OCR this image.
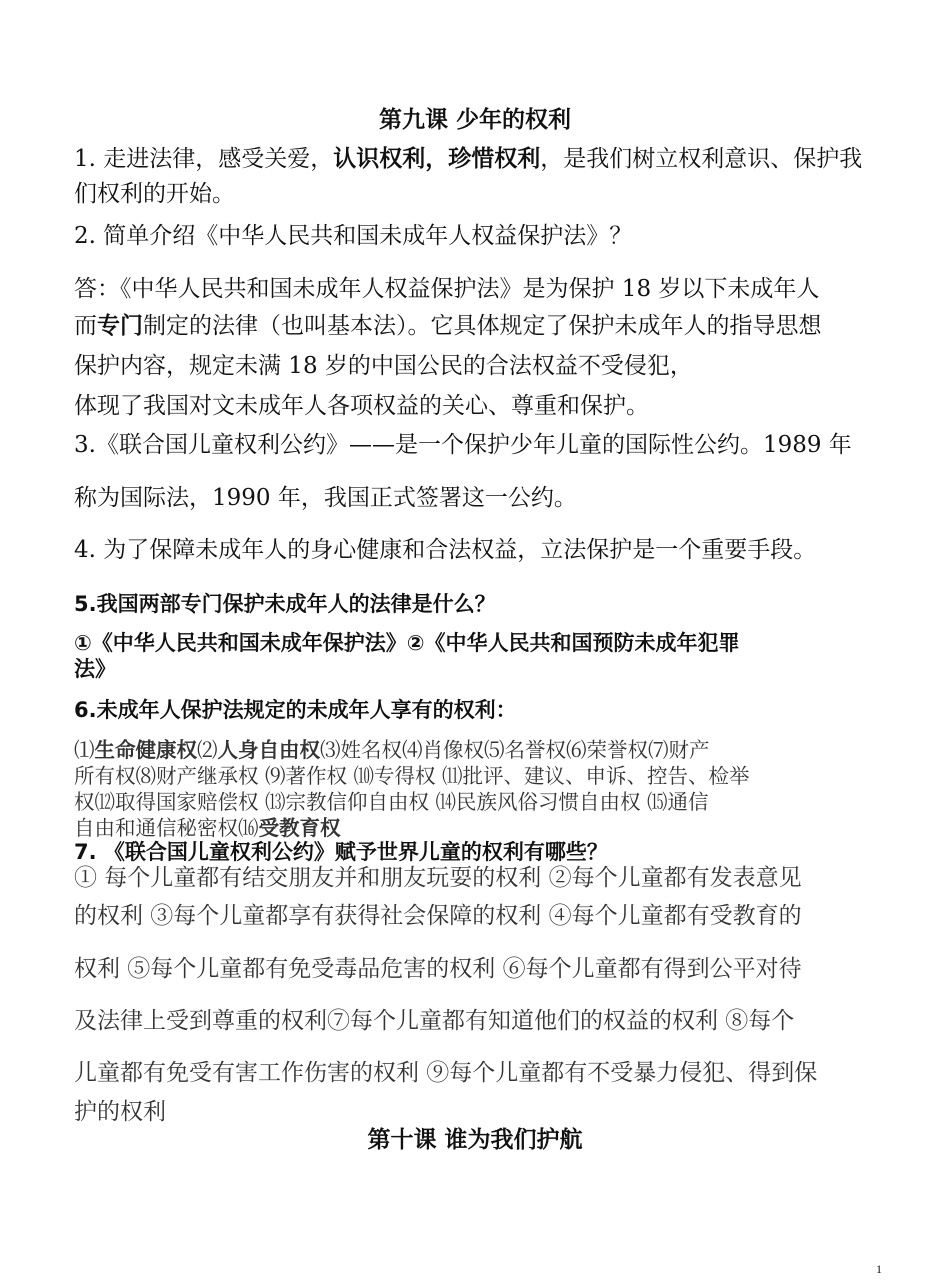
第九课 少年的权利
1. 走进法律，感受关爱，认识权利，珍惜权利，是我们树立权利意识、保护我
们权利的开始。
2. 简单介绍《中华人民共和国未成年人权益保护法》？
答：《中华人民共和国未成年人权益保护法》是为保护 18 岁以下未成年人
而专门制定的法律（也叫基本法）。它具体规定了保护未成年人的指导思想
保护内容，规定未满 18 岁的中国公民的合法权益不受侵犯，
体现了我国对文未成年人各项权益的关心、尊重和保护。
3.《联合国儿童权利公约》——是一个保护少年儿童的国际性公约。1989 年
称为国际法，1990 年，我国正式签署这一公约。
4. 为了保障未成年人的身心健康和合法权益，立法保护是一个重要手段。
5.我国两部专门保护未成年人的法律是什么？
①《中华人民共和国未成年保护法》②《中华人民共和国预防未成年犯罪
法》
6.未成年人保护法规定的未成年人享有的权利：
⑴生命健康权⑵人身自由权⑶姓名权⑷肖像权⑸名誉权⑹荣誉权⑺财产
所有权⑻财产继承权 ⑼著作权 ⑽专得权 ⑾批评、建议、申诉、控告、检举
权⑿取得国家赔偿权 ⒀宗教信仰自由权 ⒁民族风俗习惯自由权 ⒂通信
自由和通信秘密权⒃受教育权
7. 《联合国儿童权利公约》赋予世界儿童的权利有哪些？
① 每个儿童都有结交朋友并和朋友玩耍的权利 ②每个儿童都有发表意见
的权利 ③每个儿童都享有获得社会保障的权利 ④每个儿童都有受教育的
权利 ⑤每个儿童都有免受毒品危害的权利 ⑥每个儿童都有得到公平对待
及法律上受到尊重的权利⑦每个儿童都有知道他们的权益的权利 ⑧每个
儿童都有免受有害工作伤害的权利 ⑨每个儿童都有不受暴力侵犯、得到保
护的权利
第十课 谁为我们护航
1
